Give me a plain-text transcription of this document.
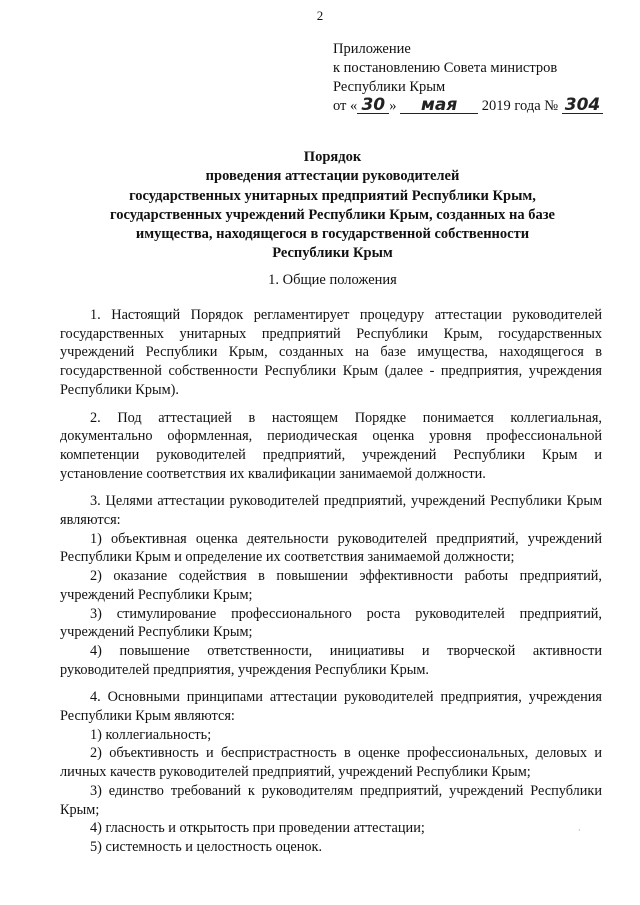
2
Приложение
к постановлению Совета министров
Республики Крым
от « 30 » мая 2019 года № 304
Порядок
проведения аттестации руководителей
государственных унитарных предприятий Республики Крым,
государственных учреждений Республики Крым, созданных на базе
имущества, находящегося в государственной собственности
Республики Крым
1. Общие положения

1. Настоящий Порядок регламентирует процедуру аттестации руководителей государственных унитарных предприятий Республики Крым, государственных учреждений Республики Крым, созданных на базе имущества, находящегося в государственной собственности Республики Крым (далее - предприятия, учреждения Республики Крым).

2. Под аттестацией в настоящем Порядке понимается коллегиальная, документально оформленная, периодическая оценка уровня профессиональной компетенции руководителей предприятий, учреждений Республики Крым и установление соответствия их квалификации занимаемой должности.

3. Целями аттестации руководителей предприятий, учреждений Республики Крым являются:

1) объективная оценка деятельности руководителей предприятий, учреждений Республики Крым и определение их соответствия занимаемой должности;

2) оказание содействия в повышении эффективности работы предприятий, учреждений Республики Крым;

3) стимулирование профессионального роста руководителей предприятий, учреждений Республики Крым;

4) повышение ответственности, инициативы и творческой активности руководителей предприятия, учреждения Республики Крым.

4. Основными принципами аттестации руководителей предприятия, учреждения Республики Крым являются:

1) коллегиальность;

2) объективность и беспристрастность в оценке профессиональных, деловых и личных качеств руководителей предприятий, учреждений Республики Крым;

3) единство требований к руководителям предприятий, учреждений Республики Крым;

4) гласность и открытость при проведении аттестации;

5) системность и целостность оценок.

·
